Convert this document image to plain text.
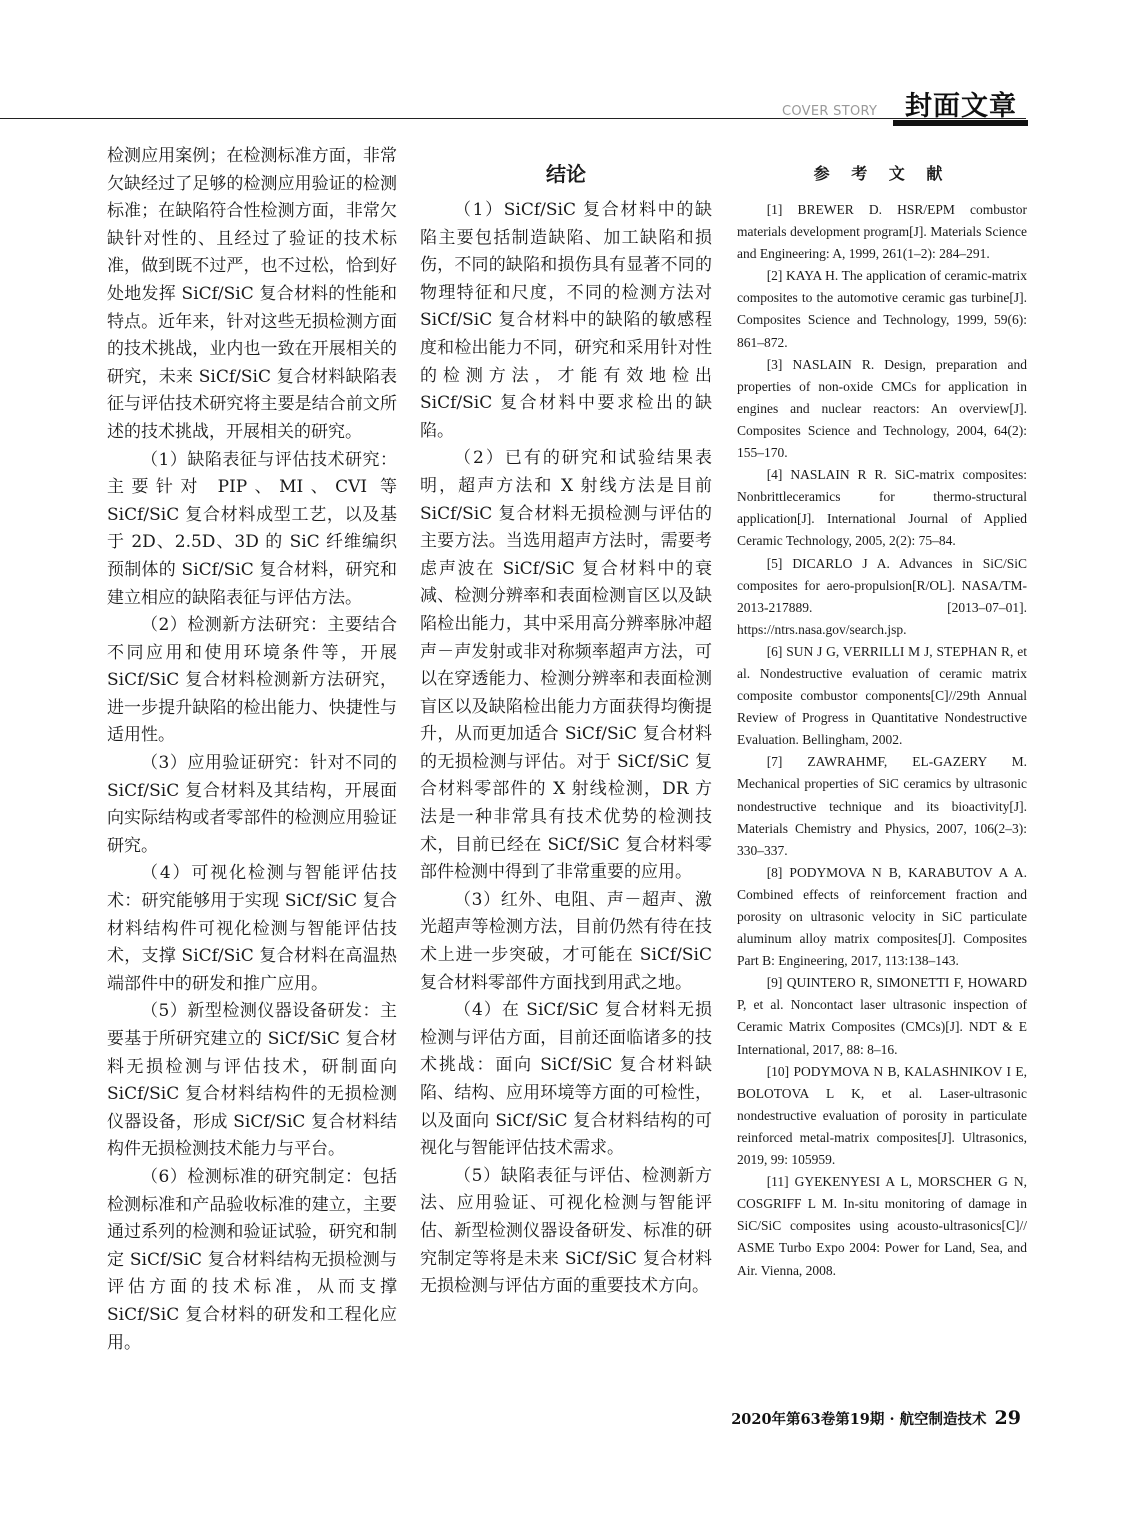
COVER STORY 封面文章

检测应用案例；在检测标准方面，非常欠缺经过了足够的检测应用验证的检测标准；在缺陷符合性检测方面，非常欠缺针对性的、且经过了验证的技术标准，做到既不过严，也不过松，恰到好处地发挥 SiCf/SiC 复合材料的性能和特点。近年来，针对这些无损检测方面的技术挑战，业内也一致在开展相关的研究，未来 SiCf/SiC 复合材料缺陷表征与评估技术研究将主要是结合前文所述的技术挑战，开展相关的研究。

（1）缺陷表征与评估技术研究：主要针对 PIP、MI、CVI 等 SiCf/SiC 复合材料成型工艺，以及基于 2D、2.5D、3D 的 SiC 纤维编织预制体的 SiCf/SiC 复合材料，研究和建立相应的缺陷表征与评估方法。

（2）检测新方法研究：主要结合不同应用和使用环境条件等，开展 SiCf/SiC 复合材料检测新方法研究，进一步提升缺陷的检出能力、快捷性与适用性。

（3）应用验证研究：针对不同的 SiCf/SiC 复合材料及其结构，开展面向实际结构或者零部件的检测应用验证研究。

（4）可视化检测与智能评估技术：研究能够用于实现 SiCf/SiC 复合材料结构件可视化检测与智能评估技术，支撑 SiCf/SiC 复合材料在高温热端部件中的研发和推广应用。

（5）新型检测仪器设备研发：主要基于所研究建立的 SiCf/SiC 复合材料无损检测与评估技术，研制面向 SiCf/SiC 复合材料结构件的无损检测仪器设备，形成 SiCf/SiC 复合材料结构件无损检测技术能力与平台。

（6）检测标准的研究制定：包括检测标准和产品验收标准的建立，主要通过系列的检测和验证试验，研究和制定 SiCf/SiC 复合材料结构无损检测与评估方面的技术标准，从而支撑 SiCf/SiC 复合材料的研发和工程化应用。

结论

（1）SiCf/SiC 复合材料中的缺陷主要包括制造缺陷、加工缺陷和损伤，不同的缺陷和损伤具有显著不同的物理特征和尺度，不同的检测方法对 SiCf/SiC 复合材料中的缺陷的敏感程度和检出能力不同，研究和采用针对性的检测方法，才能有效地检出 SiCf/SiC 复合材料中要求检出的缺陷。

（2）已有的研究和试验结果表明，超声方法和 X 射线方法是目前 SiCf/SiC 复合材料无损检测与评估的主要方法。当选用超声方法时，需要考虑声波在 SiCf/SiC 复合材料中的衰减、检测分辨率和表面检测盲区以及缺陷检出能力，其中采用高分辨率脉冲超声－声发射或非对称频率超声方法，可以在穿透能力、检测分辨率和表面检测盲区以及缺陷检出能力方面获得均衡提升，从而更加适合 SiCf/SiC 复合材料的无损检测与评估。对于 SiCf/SiC 复合材料零部件的 X 射线检测，DR 方法是一种非常具有技术优势的检测技术，目前已经在 SiCf/SiC 复合材料零部件检测中得到了非常重要的应用。

（3）红外、电阻、声－超声、激光超声等检测方法，目前仍然有待在技术上进一步突破，才可能在 SiCf/SiC 复合材料零部件方面找到用武之地。

（4）在 SiCf/SiC 复合材料无损检测与评估方面，目前还面临诸多的技术挑战：面向 SiCf/SiC 复合材料缺陷、结构、应用环境等方面的可检性，以及面向 SiCf/SiC 复合材料结构的可视化与智能评估技术需求。

（5）缺陷表征与评估、检测新方法、应用验证、可视化检测与智能评估、新型检测仪器设备研发、标准的研究制定等将是未来 SiCf/SiC 复合材料无损检测与评估方面的重要技术方向。

参 考 文 献

[1] BREWER D. HSR/EPM combustor materials development program[J]. Materials Science and Engineering: A, 1999, 261(1–2): 284–291.

[2] KAYA H. The application of ceramic-matrix composites to the automotive ceramic gas turbine[J]. Composites Science and Technology, 1999, 59(6): 861–872.

[3] NASLAIN R. Design, preparation and properties of non-oxide CMCs for application in engines and nuclear reactors: An overview[J]. Composites Science and Technology, 2004, 64(2): 155–170.

[4] NASLAIN R R. SiC-matrix composites: Nonbrittleceramics for thermo-structural application[J]. International Journal of Applied Ceramic Technology, 2005, 2(2): 75–84.

[5] DICARLO J A. Advances in SiC/SiC composites for aero-propulsion[R/OL]. NASA/TM-2013-217889. [2013–07–01]. https://ntrs.nasa.gov/search.jsp.

[6] SUN J G, VERRILLI M J, STEPHAN R, et al. Nondestructive evaluation of ceramic matrix composite combustor components[C]//29th Annual Review of Progress in Quantitative Nondestructive Evaluation. Bellingham, 2002.

[7] ZAWRAHMF, EL-GAZERY M. Mechanical properties of SiC ceramics by ultrasonic nondestructive technique and its bioactivity[J]. Materials Chemistry and Physics, 2007, 106(2–3): 330–337.

[8] PODYMOVA N B, KARABUTOV A A. Combined effects of reinforcement fraction and porosity on ultrasonic velocity in SiC particulate aluminum alloy matrix composites[J]. Composites Part B: Engineering, 2017, 113:138–143.

[9] QUINTERO R, SIMONETTI F, HOWARD P, et al. Noncontact laser ultrasonic inspection of Ceramic Matrix Composites (CMCs)[J]. NDT & E International, 2017, 88: 8–16.

[10] PODYMOVA N B, KALASHNIKOV I E, BOLOTOVA L K, et al. Laser-ultrasonic nondestructive evaluation of porosity in particulate reinforced metal-matrix composites[J]. Ultrasonics, 2019, 99: 105959.

[11] GYEKENYESI A L, MORSCHER G N, COSGRIFF L M. In-situ monitoring of damage in SiC/SiC composites using acousto-ultrasonics[C]// ASME Turbo Expo 2004: Power for Land, Sea, and Air. Vienna, 2008.

2020年第63卷第19期 · 航空制造技术 29
